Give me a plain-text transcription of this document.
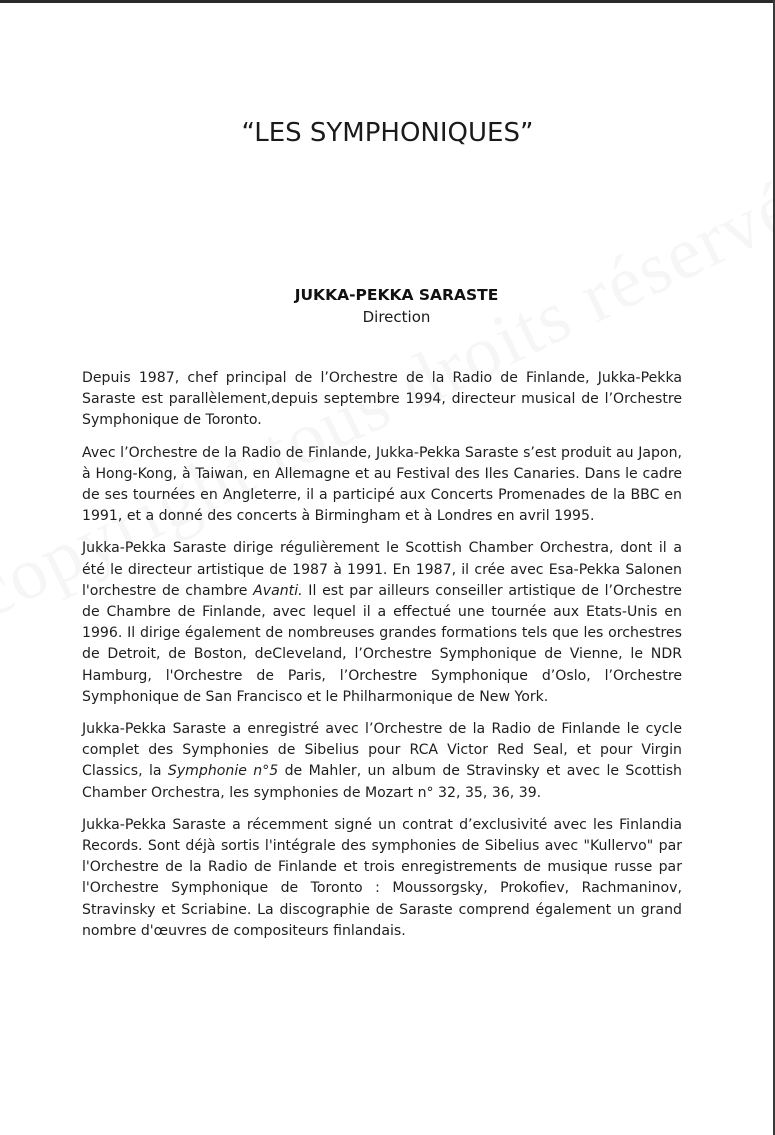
“LES SYMPHONIQUES”
JUKKA-PEKKA SARASTE
Direction

Depuis 1987, chef principal de l’Orchestre de la Radio de Finlande, Jukka-Pekka Saraste est parallèlement,depuis septembre 1994, directeur musical de l’Orchestre Symphonique de Toronto.

Avec l’Orchestre de la Radio de Finlande, Jukka-Pekka Saraste s’est produit au Japon, à Hong-Kong, à Taiwan, en Allemagne et au Festival des Iles Canaries. Dans le cadre de ses tournées en Angleterre, il a participé aux Concerts Promenades de la BBC en 1991, et a donné des concerts à Birmingham et à Londres en avril 1995.

Jukka-Pekka Saraste dirige régulièrement le Scottish Chamber Orchestra, dont il a été le directeur artistique de 1987 à 1991. En 1987, il crée avec Esa-Pekka Salonen l'orchestre de chambre Avanti. Il est par ailleurs conseiller artistique de l’Orchestre de Chambre de Finlande, avec lequel il a effectué une tournée aux Etats-Unis en 1996. Il dirige également de nombreuses grandes formations tels que les orchestres de Detroit, de Boston, deCleveland, l’Orchestre Symphonique de Vienne, le NDR Hamburg, l'Orchestre de Paris, l’Orchestre Symphonique d’Oslo, l’Orchestre Symphonique de San Francisco et le Philharmonique de New York.

Jukka-Pekka Saraste a enregistré avec l’Orchestre de la Radio de Finlande le cycle complet des Symphonies de Sibelius pour RCA Victor Red Seal, et pour Virgin Classics, la Symphonie n°5 de Mahler, un album de Stravinsky et avec le Scottish Chamber Orchestra, les symphonies de Mozart n° 32, 35, 36, 39.

Jukka-Pekka Saraste a récemment signé un contrat d’exclusivité avec les Finlandia Records. Sont déjà sortis l'intégrale des symphonies de Sibelius avec "Kullervo" par l'Orchestre de la Radio de Finlande et trois enregistrements de musique russe par l'Orchestre Symphonique de Toronto : Moussorgsky, Prokofiev, Rachmaninov, Stravinsky et Scriabine. La discographie de Saraste comprend également un grand nombre d'œuvres de compositeurs finlandais.
